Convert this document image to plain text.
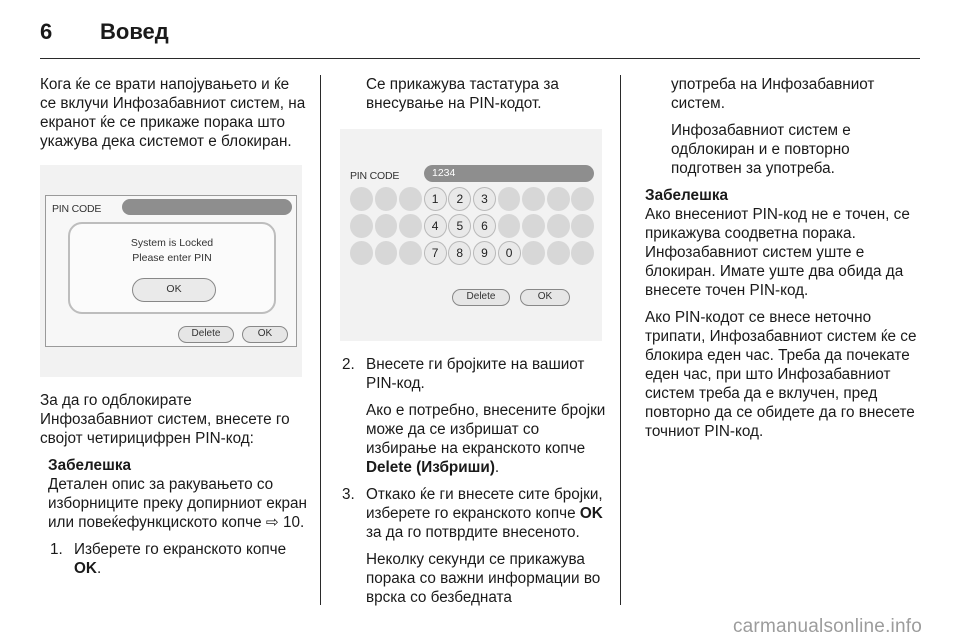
6	Вовед

Кога ќе се врати напојувањето и ќе се вклучи Инфозабавниот систем, на екранот ќе се прикаже порака што укажува дека системот е блокиран.

PIN CODE
System is Locked
Please enter PIN
OK
Delete	OK

За да го одблокирате Инфозабавниот систем, внесете го својот четирицифрен PIN-код:

Забелешка

Детален опис за ракувањето со изборниците преку допирниот екран или повеќефункциското копче ⇨ 10.

1. Изберете го екранското копче OK.

Се прикажува тастатура за внесување на PIN-кодот.

PIN CODE	1234
1	2	3
4	5	6
7	8	9	0
Delete	OK
2. Внесете ги бројките на вашиот PIN-код.

Ако е потребно, внесените бројки може да се избришат со избирање на екранското копче Delete (Избриши).

3. Откако ќе ги внесете сите бројки, изберете го екранското копче OK за да го потврдите внесеното.

Неколку секунди се прикажува порака со важни информации во врска со безбедната

употреба на Инфозабавниот систем.

Инфозабавниот систем е одблокиран и е повторно подготвен за употреба.

Забелешка

Ако внесениот PIN-код не е точен, се прикажува соодветна порака. Инфозабавниот систем уште е блокиран. Имате уште два обида да внесете точен PIN-код.

Ако PIN-кодот се внесе неточно трипати, Инфозабавниот систем ќе се блокира еден час. Треба да почекате еден час, при што Инфозабавниот систем треба да е вклучен, пред повторно да се обидете да го внесете точниот PIN-код.

carmanualsonline.info
